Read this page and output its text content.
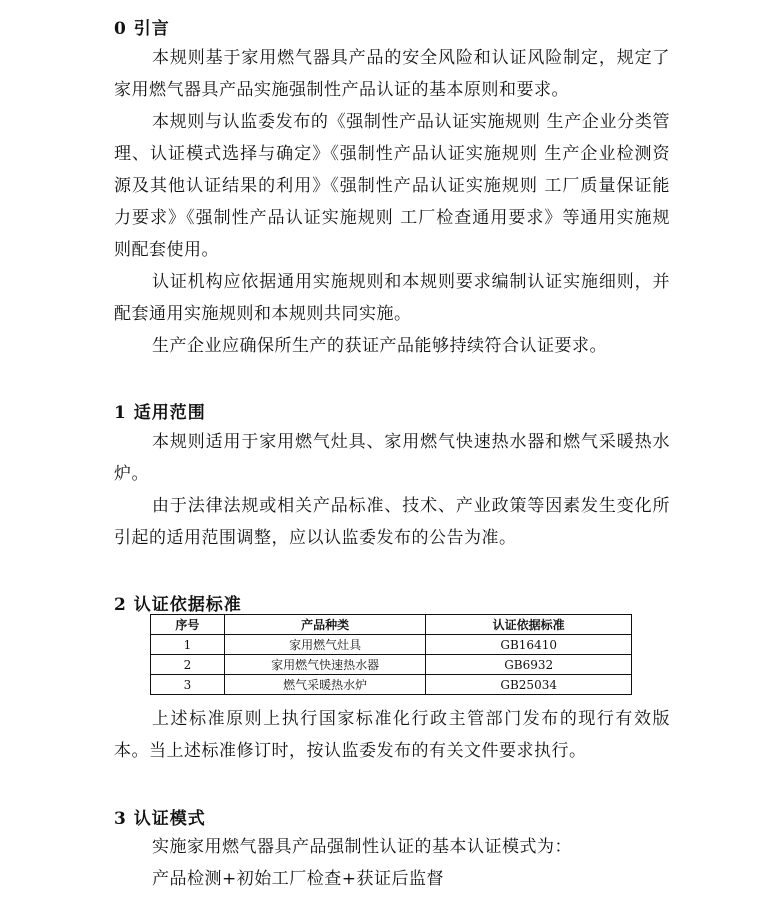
0 引言

本规则基于家用燃气器具产品的安全风险和认证风险制定，规定了家用燃气器具产品实施强制性产品认证的基本原则和要求。

本规则与认监委发布的《强制性产品认证实施规则 生产企业分类管理、认证模式选择与确定》《强制性产品认证实施规则 生产企业检测资源及其他认证结果的利用》《强制性产品认证实施规则 工厂质量保证能力要求》《强制性产品认证实施规则 工厂检查通用要求》等通用实施规则配套使用。

认证机构应依据通用实施规则和本规则要求编制认证实施细则，并配套通用实施规则和本规则共同实施。

生产企业应确保所生产的获证产品能够持续符合认证要求。

1 适用范围

本规则适用于家用燃气灶具、家用燃气快速热水器和燃气采暖热水炉。

由于法律法规或相关产品标准、技术、产业政策等因素发生变化所引起的适用范围调整，应以认监委发布的公告为准。

2 认证依据标准
序号	产品种类	认证依据标准
1	家用燃气灶具	GB16410
2	家用燃气快速热水器	GB6932
3	燃气采暖热水炉	GB25034

上述标准原则上执行国家标准化行政主管部门发布的现行有效版本。当上述标准修订时，按认监委发布的有关文件要求执行。

3 认证模式

实施家用燃气器具产品强制性认证的基本认证模式为：

产品检测+初始工厂检查+获证后监督
